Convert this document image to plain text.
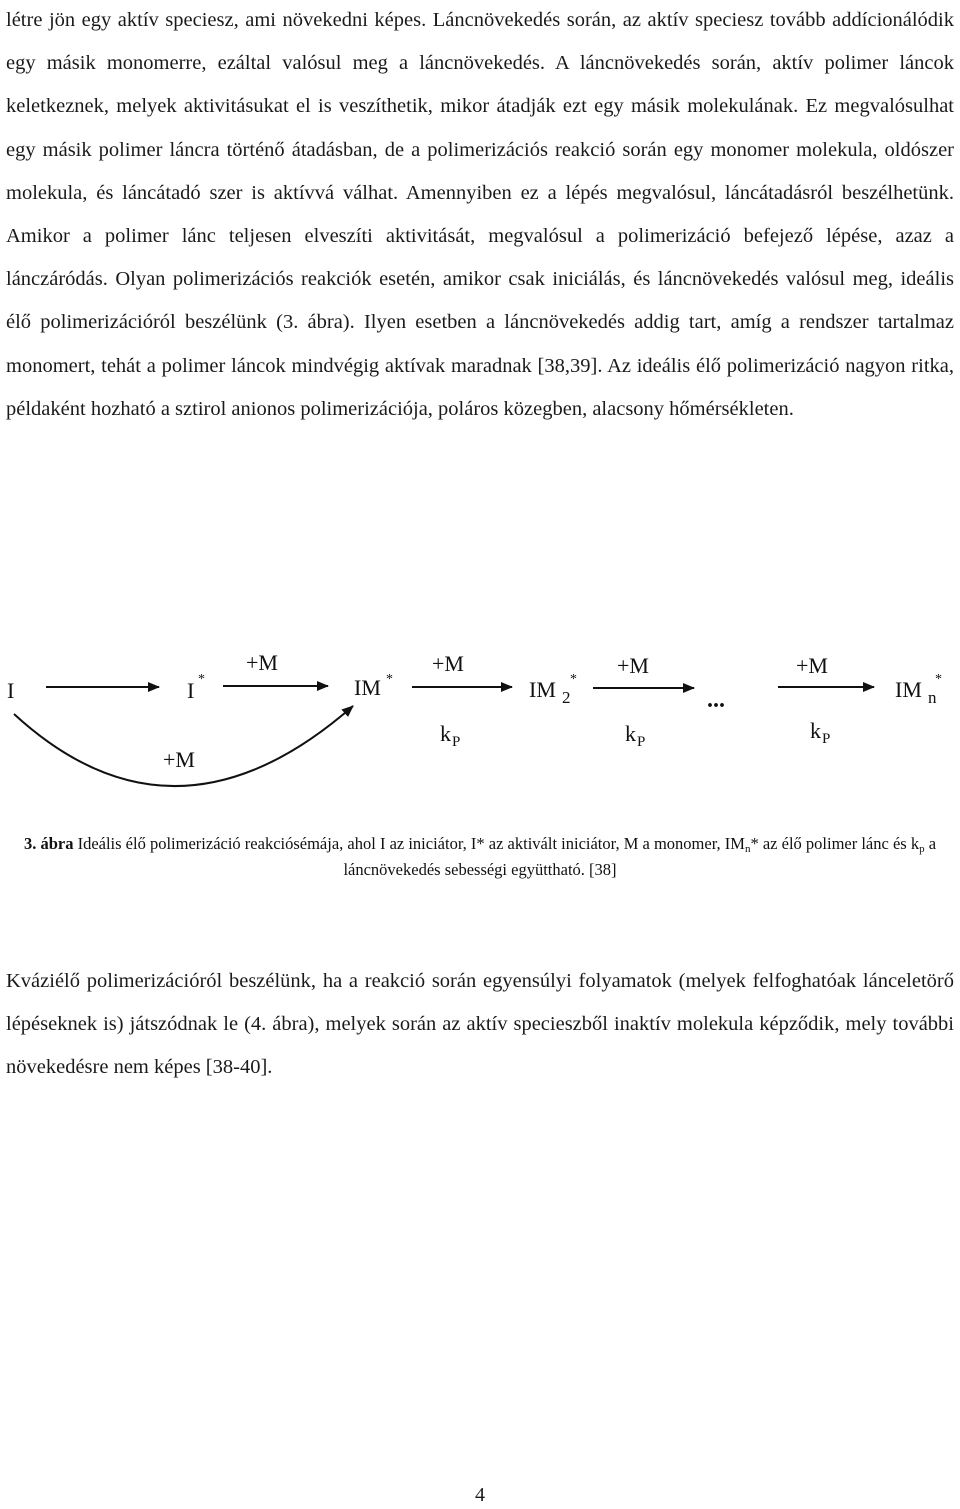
létre jön egy aktív speciesz, ami növekedni képes. Láncnövekedés során, az aktív speciesz tovább addícionálódik egy másik monomerre, ezáltal valósul meg a láncnövekedés. A láncnövekedés során, aktív polimer láncok keletkeznek, melyek aktivitásukat el is veszíthetik, mikor átadják ezt egy másik molekulának. Ez megvalósulhat egy másik polimer láncra történő átadásban, de a polimerizációs reakció során egy monomer molekula, oldószer molekula, és láncátadó szer is aktívvá válhat. Amennyiben ez a lépés megvalósul, láncátadásról beszélhetünk. Amikor a polimer lánc teljesen elveszíti aktivitását, megvalósul a polimerizáció befejező lépése, azaz a lánczáródás. Olyan polimerizációs reakciók esetén, amikor csak iniciálás, és láncnövekedés valósul meg, ideális élő polimerizációról beszélünk (3. ábra). Ilyen esetben a láncnövekedés addig tart, amíg a rendszer tartalmaz monomert, tehát a polimer láncok mindvégig aktívak maradnak [38,39]. Az ideális élő polimerizáció nagyon ritka, példaként hozható a sztirol anionos polimerizációja, poláros közegben, alacsony hőmérsékleten.

I	I *	IM *	IM 2
*
...	IM n
*
+M	+M	+M	+M
k P	k P	k P
+M

3. ábra Ideális élő polimerizáció reakciósémája, ahol I az iniciátor, I* az aktivált iniciátor, M a monomer, $IM_n*$ az élő polimer lánc és $k_p$ a láncnövekedés sebességi együttható. [38]

Kváziélő polimerizációról beszélünk, ha a reakció során egyensúlyi folyamatok (melyek felfoghatóak lánceletörő lépéseknek is) játszódnak le (4. ábra), melyek során az aktív specieszből inaktív molekula képződik, mely további növekedésre nem képes [38-40].

4
